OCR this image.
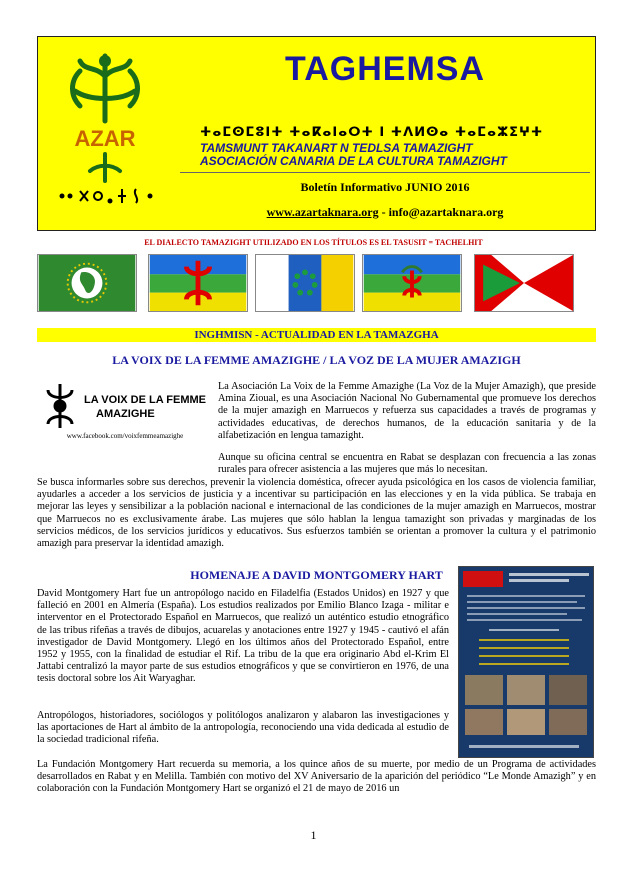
AZAR
TAGHEMSA
ⵜⴰⵎⵙⵎⵓⵏⵜ ⵜⴰⴽⴰⵏⴰⵔⵜ ⵏ ⵜⴷⵍⵙⴰ ⵜⴰⵎⴰⵣⵉⵖⵜ
TAMSMUNT TAKANART N TEDLSA TAMAZIGHT
ASOCIACIÓN CANARIA DE LA CULTURA TAMAZIGHT
Boletín Informativo JUNIO 2016
www.azartaknara.org - info@azartaknara.org
EL DIALECTO TAMAZIGHT UTILIZADO EN LOS TÍTULOS ES EL TASUSIT = TACHELHIT
INGHMISN - ACTUALIDAD EN LA TAMAZGHA
LA VOIX DE LA FEMME AMAZIGHE / LA VOZ DE LA MUJER AMAZIGH
LA VOIX DE LA FEMME
AMAZIGHE
www.facebook.com/voixfemmeamazighe
La Asociación La Voix de la Femme Amazighe (La Voz de la Mujer Amazigh), que preside Amina Zioual, es una Asociación Nacional No Gubernamental que promueve los derechos de la mujer amazigh en Marruecos y refuerza sus capacidades a través de programas y actividades educativas, de derechos humanos, de la educación sanitaria y de la alfabetización en lengua tamazight.
Aunque su oficina central se encuentra en Rabat se desplazan con frecuencia a las zonas rurales para ofrecer asistencia a las mujeres que más lo necesitan.
Se busca informarles sobre sus derechos, prevenir la violencia doméstica, ofrecer ayuda psicológica en los casos de violencia familiar, ayudarles a acceder a los servicios de justicia y a incentivar su participación en las elecciones y en la vida pública. Se trabaja en mejorar las leyes y sensibilizar a la población nacional e internacional de las condiciones de la mujer amazigh en Marruecos, mostrar que Marruecos no es exclusivamente árabe. Las mujeres que sólo hablan la lengua tamazight son privadas y marginadas de los servicios médicos, de los servicios jurídicos y educativos. Sus esfuerzos también se orientan a promover la cultura y el patrimonio amazigh para preservar la identidad amazigh.
HOMENAJE A DAVID MONTGOMERY HART
David Montgomery Hart fue un antropólogo nacido en Filadelfia (Estados Unidos) en 1927 y que falleció en 2001 en Almería (España). Los estudios realizados por Emilio Blanco Izaga - militar e interventor en el Protectorado Español en Marruecos, que realizó un auténtico estudio etnográfico de las tribus rifeñas a través de dibujos, acuarelas y anotaciones entre 1927 y 1945 - cautivó el afán investigador de David Montgomery. Llegó en los últimos años del Protectorado Español, entre 1952 y 1955, con la finalidad de estudiar el Rif. La tribu de la que era originario Abd el-Krim El Jattabi centralizó la mayor parte de sus estudios etnográficos y que se convirtieron en 1976, de una tesis doctoral sobre los Ait Waryaghar.
Antropólogos, historiadores, sociólogos y politólogos analizaron y alabaron las investigaciones y las aportaciones de Hart al ámbito de la antropología, reconociendo una vida dedicada al estudio de la sociedad tradicional rifeña.
La Fundación Montgomery Hart recuerda su memoria, a los quince años de su muerte, por medio de un Programa de actividades desarrollados en Rabat y en Melilla. También con motivo del XV Aniversario de la aparición del periódico “Le Monde Amazigh” y en colaboración con la Fundación Montgomery Hart se organizó el 21 de mayo de 2016 un
1
